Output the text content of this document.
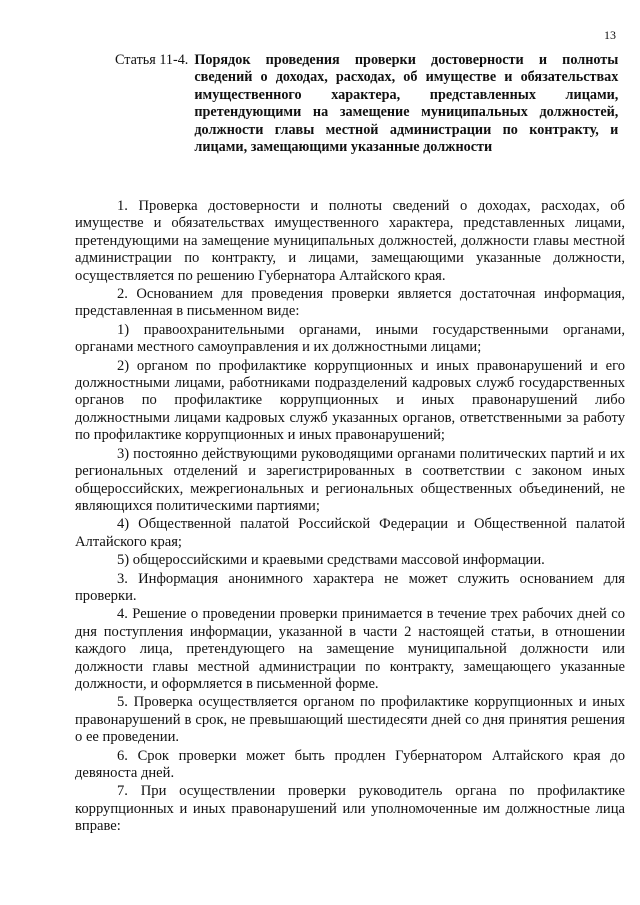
13
Статья 11-4. Порядок проведения проверки достоверности и полноты сведений о доходах, расходах, об имуществе и обязательствах имущественного характера, представленных лицами, претендующими на замещение муниципальных должностей, должности главы местной администрации по контракту, и лицами, замещающими указанные должности

1. Проверка достоверности и полноты сведений о доходах, расходах, об имуществе и обязательствах имущественного характера, представленных лицами, претендующими на замещение муниципальных должностей, должности главы местной администрации по контракту, и лицами, замещающими указанные должности, осуществляется по решению Губернатора Алтайского края.

2. Основанием для проведения проверки является достаточная информация, представленная в письменном виде:

1) правоохранительными органами, иными государственными органами, органами местного самоуправления и их должностными лицами;

2) органом по профилактике коррупционных и иных правонарушений и его должностными лицами, работниками подразделений кадровых служб государственных органов по профилактике коррупционных и иных правонарушений либо должностными лицами кадровых служб указанных органов, ответственными за работу по профилактике коррупционных и иных правонарушений;

3) постоянно действующими руководящими органами политических партий и их региональных отделений и зарегистрированных в соответствии с законом иных общероссийских, межрегиональных и региональных общественных объединений, не являющихся политическими партиями;

4) Общественной палатой Российской Федерации и Общественной палатой Алтайского края;

5) общероссийскими и краевыми средствами массовой информации.

3. Информация анонимного характера не может служить основанием для проверки.

4. Решение о проведении проверки принимается в течение трех рабочих дней со дня поступления информации, указанной в части 2 настоящей статьи, в отношении каждого лица, претендующего на замещение муниципальной должности или должности главы местной администрации по контракту, замещающего указанные должности, и оформляется в письменной форме.

5. Проверка осуществляется органом по профилактике коррупционных и иных правонарушений в срок, не превышающий шестидесяти дней со дня принятия решения о ее проведении.

6. Срок проверки может быть продлен Губернатором Алтайского края до девяноста дней.

7. При осуществлении проверки руководитель органа по профилактике коррупционных и иных правонарушений или уполномоченные им должностные лица вправе:
